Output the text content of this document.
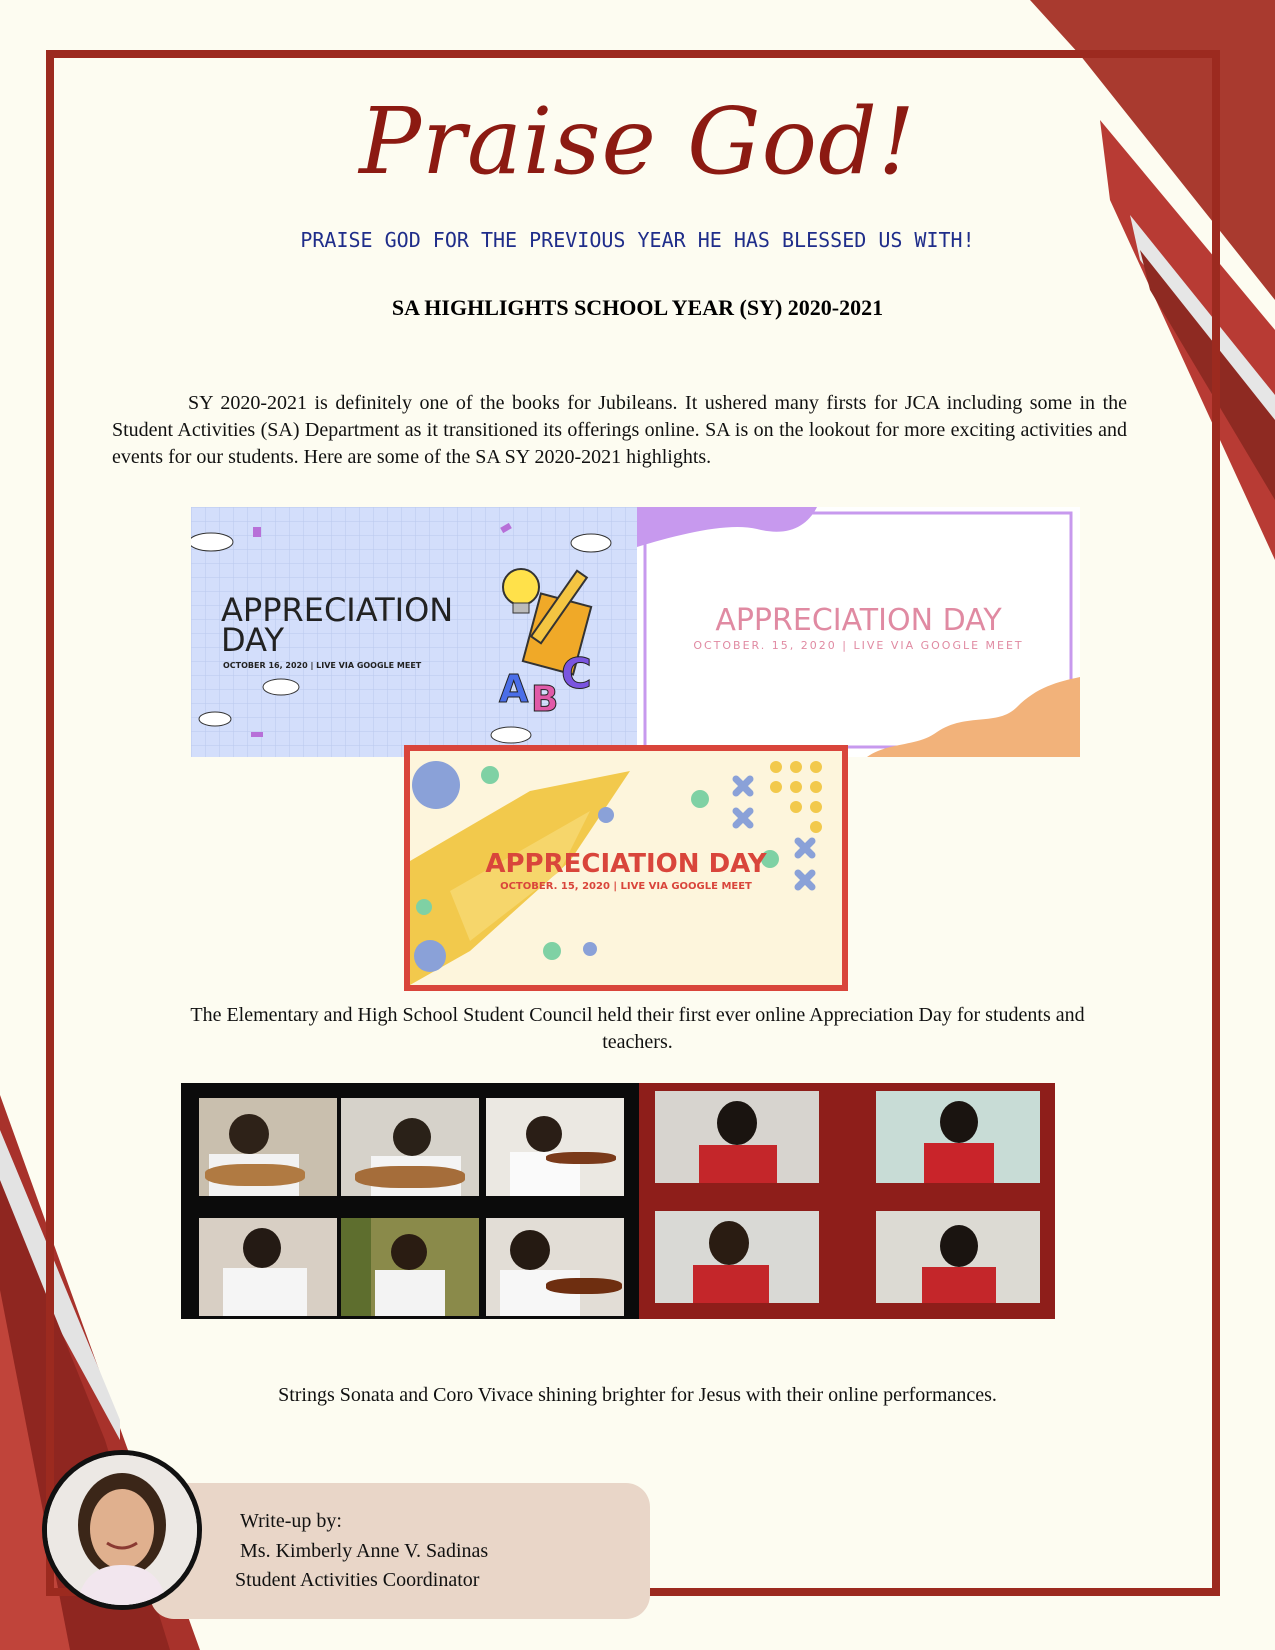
Praise God!
PRAISE GOD FOR THE PREVIOUS YEAR HE HAS BLESSED US WITH!
SA HIGHLIGHTS SCHOOL YEAR (SY) 2020-2021
SY 2020-2021 is definitely one of the books for Jubileans. It ushered many firsts for JCA including some in the Student Activities (SA) Department as it transitioned its offerings online. SA is on the lookout for more exciting activities and events for our students. Here are some of the SA SY 2020-2021 highlights.
APPRECIATION
DAY
OCTOBER 16, 2020 | LIVE VIA GOOGLE MEET
A B
C
APPRECIATION DAY
OCTOBER. 15, 2020 | LIVE VIA GOOGLE MEET
APPRECIATION DAY
OCTOBER. 15, 2020 | LIVE VIA GOOGLE MEET
The Elementary and High School Student Council held their first ever online Appreciation Day for students and teachers.
Strings Sonata and Coro Vivace shining brighter for Jesus with their online performances.
Write-up by:
Ms. Kimberly Anne V. Sadinas
Student Activities Coordinator
